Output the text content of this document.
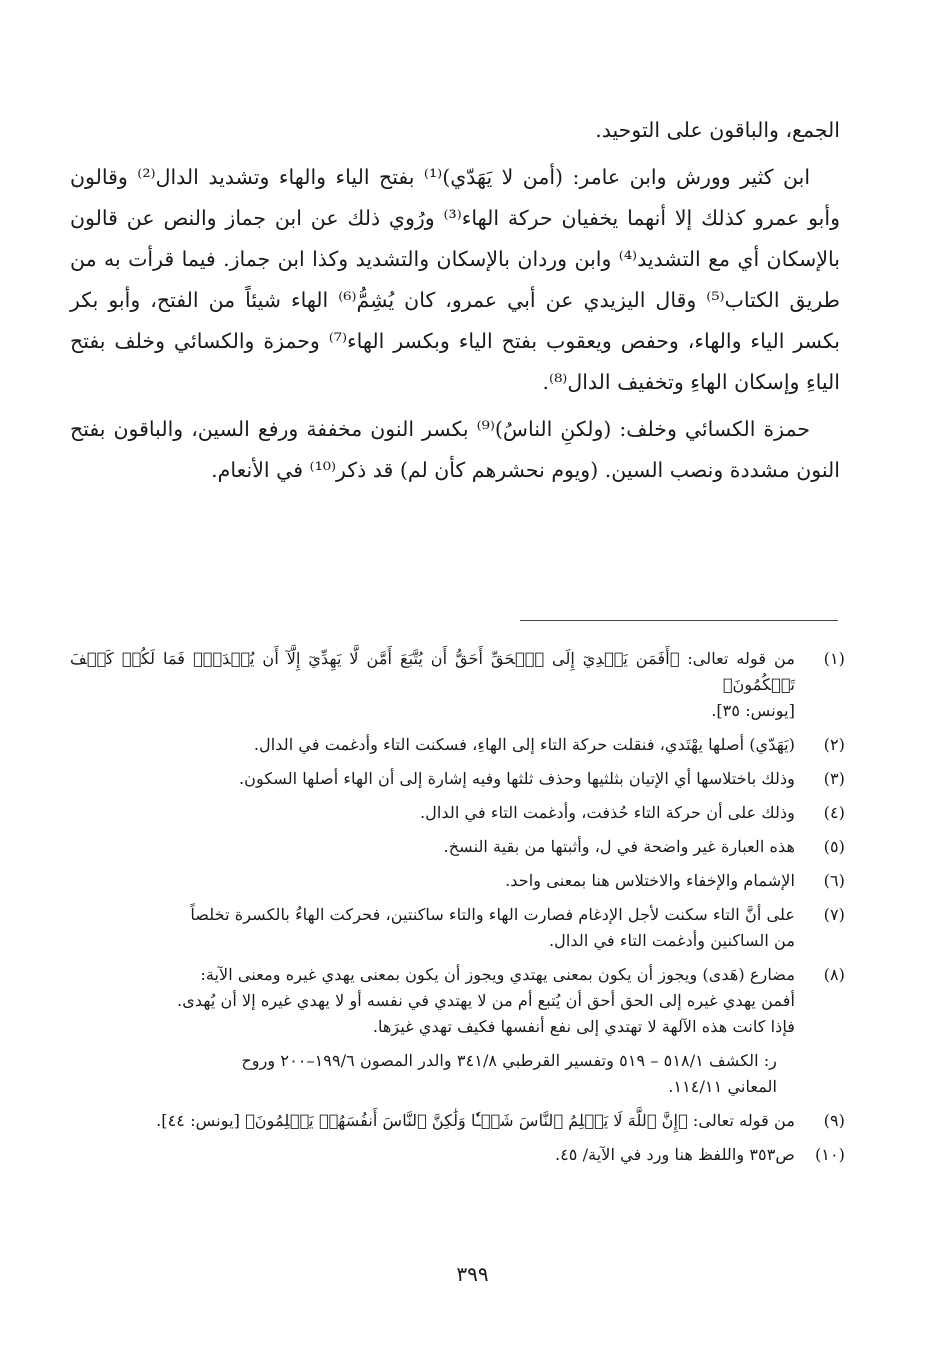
الجمع، والباقون على التوحيد.

ابن كثير وورش وابن عامر: (أمن لا يَهَدّي)⁽¹⁾ بفتح الياء والهاء وتشديد الدال⁽²⁾ وقالون وأبو عمرو كذلك إلا أنهما يخفيان حركة الهاء⁽³⁾ ورُوي ذلك عن ابن جماز والنص عن قالون بالإسكان أي مع التشديد⁽⁴⁾ وابن وردان بالإسكان والتشديد وكذا ابن جماز. فيما قرأت به من طريق الكتاب⁽⁵⁾ وقال اليزيدي عن أبي عمرو، كان يُشِمُّ⁽⁶⁾ الهاء شيئاً من الفتح، وأبو بكر بكسر الياء والهاء، وحفص ويعقوب بفتح الياء وبكسر الهاء⁽⁷⁾ وحمزة والكسائي وخلف بفتح الياءِ وإسكان الهاءِ وتخفيف الدال⁽⁸⁾.

حمزة الكسائي وخلف: (ولكنِ الناسُ)⁽⁹⁾ بكسر النون مخففة ورفع السين، والباقون بفتح النون مشددة ونصب السين. (ويوم نحشرهم كأن لم) قد ذكر⁽¹⁰⁾ في الأنعام.

(١)
من قوله تعالى: ﴿أَفَمَن يَهۡدِيٓ إِلَى ٱلۡحَقِّ أَحَقُّ أَن يُتَّبَعَ أَمَّن لَّا يَهِدِّيٓ إِلَّآ أَن يُهۡدَىٰۖ فَمَا لَكُمۡ كَيۡفَ تَحۡكُمُونَ﴾
[يونس: ٣٥].
(٢)
(يَهَدّي) أصلها يهْتَدي، فنقلت حركة التاء إلى الهاءِ، فسكنت التاء وأدغمت في الدال.
(٣)
وذلك باختلاسها أي الإتيان بثلثيها وحذف ثلثها وفيه إشارة إلى أن الهاء أصلها السكون.
(٤)
وذلك على أن حركة التاء حُذفت، وأدغمت التاء في الدال.
(٥)
هذه العبارة غير واضحة في ل، وأثبتها من بقية النسخ.
(٦)
الإشمام والإخفاء والاختلاس هنا بمعنى واحد.
(٧)
على أنَّ التاء سكنت لأجل الإدغام فصارت الهاء والتاء ساكنتين، فحركت الهاءُ بالكسرة تخلصاً
من الساكنين وأدغمت التاء في الدال.
(٨)
مضارع (هَدى) ويجوز أن يكون بمعنى يهتدي ويجوز أن يكون بمعنى يهدي غيره ومعنى الآية:
أفمن يهدي غيره إلى الحق أحق أن يُتبع أم من لا يهتدي في نفسه أو لا يهدي غيره إلا أن يُهدى.
فإذا كانت هذه الآلهة لا تهتدي إلى نفع أنفسها فكيف تهدي غيرَها.
ر: الكشف ٥١٨/١ – ٥١٩ وتفسير القرطبي ٣٤١/٨ والدر المصون ١٩٩/٦–٢٠٠ وروح
المعاني ١١٤/١١.
(٩)
من قوله تعالى: ﴿إِنَّ ٱللَّهَ لَا يَظۡلِمُ ٱلنَّاسَ شَيۡـٔٗا وَلَٰكِنَّ ٱلنَّاسَ أَنفُسَهُمۡ يَظۡلِمُونَ﴾ [يونس: ٤٤].
(١٠)
ص٣٥٣ واللفظ هنا ورد في الآية/ ٤٥.
٣٩٩
